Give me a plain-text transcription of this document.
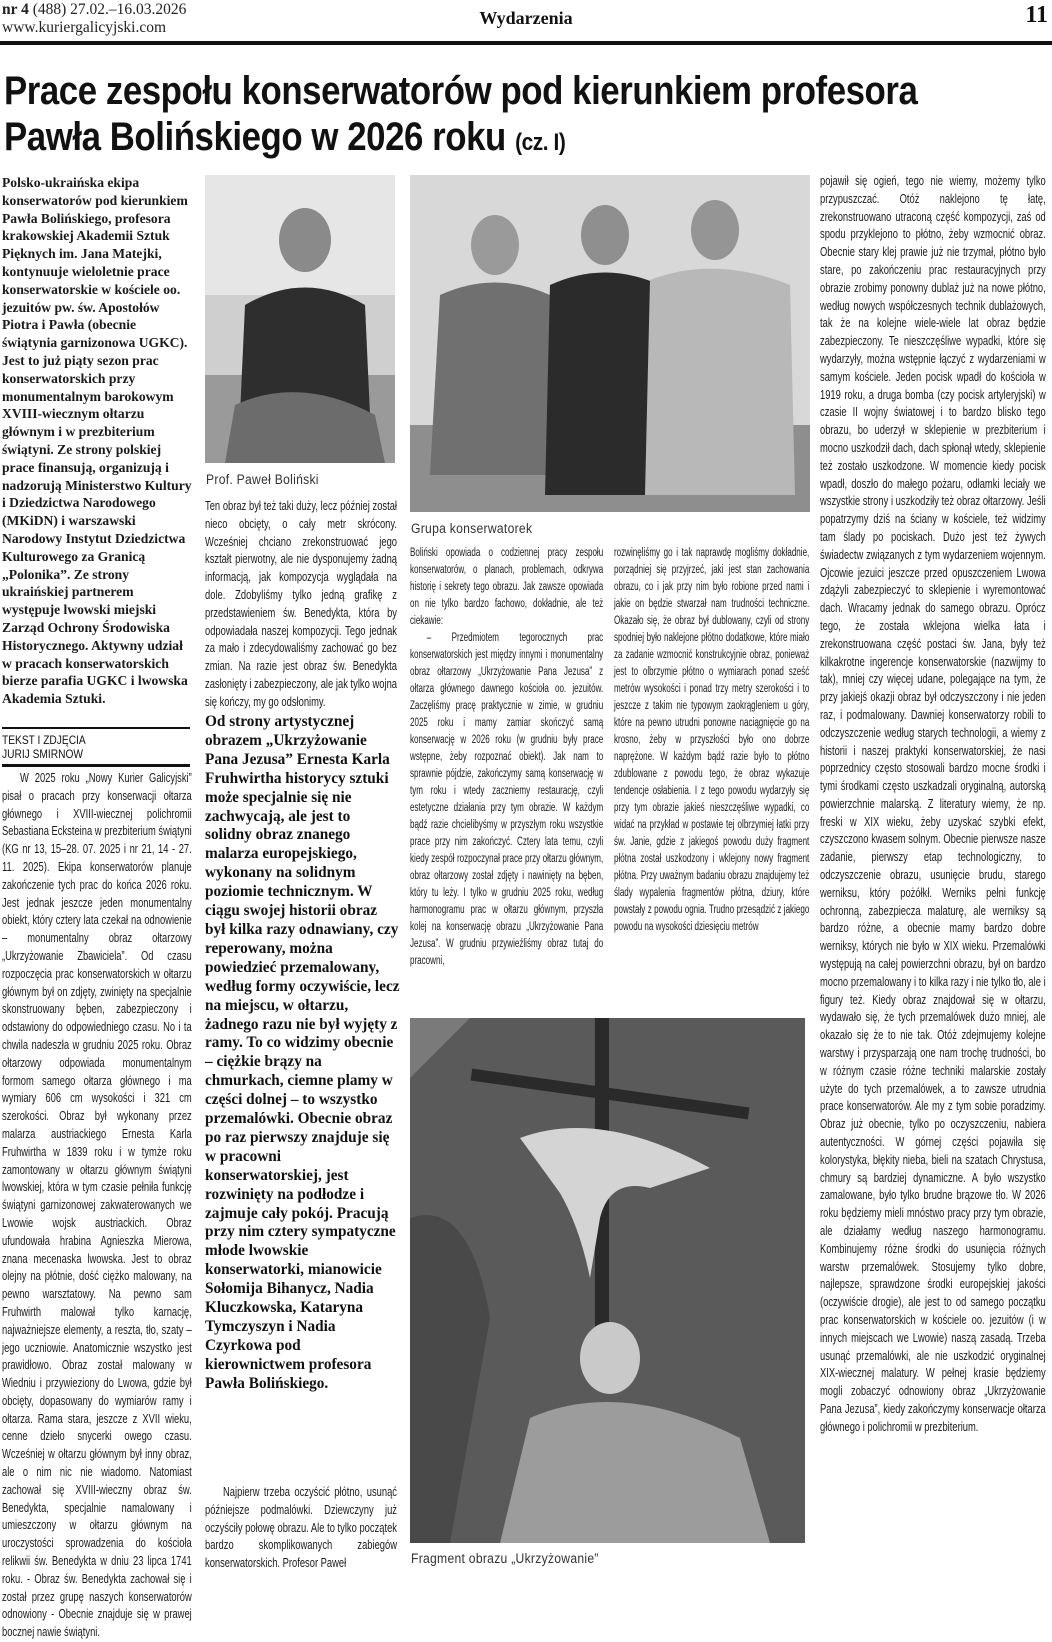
nr 4 (488) 27.02.–16.03.2026
www.kuriergalicyjski.com	Wydarzenia	11
Prace zespołu konserwatorów pod kierunkiem profesora
Pawła Bolińskiego w 2026 roku (cz. I)
Polsko-ukraińska ekipa konserwatorów pod kierunkiem Pawła Bolińskiego, profesora krakowskiej Akademii Sztuk Pięknych im. Jana Matejki, kontynuuje wieloletnie prace konserwatorskie w kościele oo. jezuitów pw. św. Apostołów Piotra i Pawła (obecnie świątynia garnizonowa UGKC). Jest to już piąty sezon prac konserwatorskich przy monumentalnym barokowym XVIII-wiecznym ołtarzu głównym i w prezbiterium świątyni. Ze strony polskiej prace finansują, organizują i nadzorują Ministerstwo Kultury i Dziedzictwa Narodowego (MKiDN) i warszawski Narodowy Instytut Dziedzictwa Kulturowego za Granicą „Polonika”. Ze strony ukraińskiej partnerem występuje lwowski miejski Zarząd Ochrony Środowiska Historycznego. Aktywny udział w pracach konserwatorskich bierze parafia UGKC i lwowska Akademia Sztuki.
TEKST I ZDJĘCIA
JURIJ SMIRNOW

W 2025 roku „Nowy Kurier Galicyjski” pisał o pracach przy konserwacji ołtarza głównego i XVIII-wiecznej polichromii Sebastiana Ecksteina w prezbiterium świątyni (KG nr 13, 15–28. 07. 2025 i nr 21, 14 - 27. 11. 2025). Ekipa konserwatorów planuje zakończenie tych prac do końca 2026 roku. Jest jednak jeszcze jeden monumentalny obiekt, który cztery lata czekał na odnowienie – monumentalny obraz ołtarzowy „Ukrzyżowanie Zbawiciela”. Od czasu rozpoczęcia prac konserwatorskich w ołtarzu głównym był on zdjęty, zwinięty na specjalnie skonstruowany bęben, zabezpieczony i odstawiony do odpowiedniego czasu. No i ta chwila nadeszła w grudniu 2025 roku. Obraz ołtarzowy odpowiada monumentalnym formom samego ołtarza głównego i ma wymiary 606 cm wysokości i 321 cm szerokości. Obraz był wykonany przez malarza austriackiego Ernesta Karla Fruhwirtha w 1839 roku i w tymże roku zamontowany w ołtarzu głównym świątyni lwowskiej, która w tym czasie pełniła funkcję świątyni garnizonowej zakwaterowanych we Lwowie wojsk austriackich. Obraz ufundowała hrabina Agnieszka Mierowa, znana mecenaska lwowska. Jest to obraz olejny na płótnie, dość ciężko malowany, na pewno warsztatowy. Na pewno sam Fruhwirth malował tylko karnację, najważniejsze elementy, a reszta, tło, szaty – jego uczniowie. Anatomicznie wszystko jest prawidłowo. Obraz został malowany w Wiedniu i przywieziony do Lwowa, gdzie był obcięty, dopasowany do wymiarów ramy i ołtarza. Rama stara, jeszcze z XVII wieku, cenne dzieło snycerki owego czasu. Wcześniej w ołtarzu głównym był inny obraz, ale o nim nic nie wiadomo. Natomiast zachował się XVIII-wieczny obraz św. Benedykta, specjalnie namalowany i umieszczony w ołtarzu głównym na uroczystości sprowadzenia do kościoła relikwii św. Benedykta w dniu 23 lipca 1741 roku. - Obraz św. Benedykta zachował się i został przez grupę naszych konserwatorów odnowiony - Obecnie znajduje się w prawej bocznej nawie świątyni.

Prof. Paweł Boliński

Ten obraz był też taki duży, lecz później został nieco obcięty, o cały metr skrócony. Wcześniej chciano zrekonstruować jego kształt pierwotny, ale nie dysponujemy żadną informacją, jak kompozycja wyglądała na dole. Zdobyliśmy tylko jedną grafikę z przedstawieniem św. Benedykta, która by odpowiadała naszej kompozycji. Tego jednak za mało i zdecydowaliśmy zachować go bez zmian. Na razie jest obraz św. Benedykta zasłonięty i zabezpieczony, ale jak tylko wojna się kończy, my go odsłonimy.

Od strony artystycznej obrazem „Ukrzyżowanie Pana Jezusa” Ernesta Karla Fruhwirtha historycy sztuki może specjalnie się nie zachwycają, ale jest to solidny obraz znanego malarza europejskiego, wykonany na solidnym poziomie technicznym. W ciągu swojej historii obraz był kilka razy odnawiany, czy reperowany, można powiedzieć przemalowany, według formy oczywiście, lecz na miejscu, w ołtarzu, żadnego razu nie był wyjęty z ramy. To co widzimy obecnie – ciężkie brązy na chmurkach, ciemne plamy w części dolnej – to wszystko przemalówki. Obecnie obraz po raz pierwszy znajduje się w pracowni konserwatorskiej, jest rozwinięty na podłodze i zajmuje cały pokój. Pracują przy nim cztery sympatyczne młode lwowskie konserwatorki, mianowicie Sołomija Bihanycz, Nadia Kluczkowska, Kataryna Tymczyszyn i Nadia Czyrkowa pod kierownictwem profesora Pawła Bolińskiego.

Najpierw trzeba oczyścić płótno, usunąć późniejsze podmalówki. Dziewczyny już oczyściły połowę obrazu. Ale to tylko początek bardzo skomplikowanych zabiegów konserwatorskich. Profesor Paweł

Grupa konserwatorek

Boliński opowiada o codziennej pracy zespołu konserwatorów, o planach, problemach, odkrywa historię i sekrety tego obrazu. Jak zawsze opowiada on nie tylko bardzo fachowo, dokładnie, ale też ciekawie:

– Przedmiotem tegorocznych prac konserwatorskich jest między innymi i monumentalny obraz ołtarzowy „Ukrzyżowanie Pana Jezusa” z ołtarza głównego dawnego kościoła oo. jezuitów. Zaczęliśmy pracę praktycznie w zimie, w grudniu 2025 roku i mamy zamiar skończyć samą konserwację w 2026 roku (w grudniu były prace wstępne, żeby rozpoznać obiekt). Jak nam to sprawnie pójdzie, zakończymy samą konserwację w tym roku i wtedy zaczniemy restaurację, czyli estetyczne działania przy tym obrazie. W każdym bądź razie chcielibyśmy w przyszłym roku wszystkie prace przy nim zakończyć. Cztery lata temu, czyli kiedy zespół rozpoczynał prace przy ołtarzu głównym, obraz ołtarzowy został zdjęty i nawinięty na bęben, który tu leży. I tylko w grudniu 2025 roku, według harmonogramu prac w ołtarzu głównym, przyszła kolej na konserwację obrazu „Ukrzyżowanie Pana Jezusa”. W grudniu przywieźliśmy obraz tutaj do pracowni,

rozwinęliśmy go i tak naprawdę mogliśmy dokładnie, porządniej się przyjrzeć, jaki jest stan zachowania obrazu, co i jak przy nim było robione przed nami i jakie on będzie stwarzał nam trudności techniczne. Okazało się, że obraz był dublowany, czyli od strony spodniej było naklejone płótno dodatkowe, które miało za zadanie wzmocnić konstrukcyjnie obraz, ponieważ jest to olbrzymie płótno o wymiarach ponad sześć metrów wysokości i ponad trzy metry szerokości i to jeszcze z takim nie typowym zaokrągleniem u góry, które na pewno utrudni ponowne naciągnięcie go na krosno, żeby w przyszłości było ono dobrze naprężone. W każdym bądź razie było to płótno zdublowane z powodu tego, że obraz wykazuje tendencje osłabienia. I z tego powodu wydarzyły się przy tym obrazie jakieś nieszczęśliwe wypadki, co widać na przykład w postawie tej olbrzymiej łatki przy św. Janie, gdzie z jakiegoś powodu duży fragment płótna został uszkodzony i wklejony nowy fragment płótna. Przy uważnym badaniu obrazu znajdujemy też ślady wypalenia fragmentów płótna, dziury, które powstały z powodu ognia. Trudno przesądzić z jakiego powodu na wysokości dziesięciu metrów

Fragment obrazu „Ukrzyżowanie”

pojawił się ogień, tego nie wiemy, możemy tylko przypuszczać. Otóż naklejono tę łatę, zrekonstruowano utraconą część kompozycji, zaś od spodu przyklejono to płótno, żeby wzmocnić obraz. Obecnie stary klej prawie już nie trzymał, płótno było stare, po zakończeniu prac restauracyjnych przy obrazie zrobimy ponowny dublaż już na nowe płótno, według nowych współczesnych technik dublażowych, tak że na kolejne wiele-wiele lat obraz będzie zabezpieczony. Te nieszczęśliwe wypadki, które się wydarzyły, można wstępnie łączyć z wydarzeniami w samym kościele. Jeden pocisk wpadł do kościoła w 1919 roku, a druga bomba (czy pocisk artyleryjski) w czasie II wojny światowej i to bardzo blisko tego obrazu, bo uderzył w sklepienie w prezbiterium i mocno uszkodził dach, dach spłonął wtedy, sklepienie też zostało uszkodzone. W momencie kiedy pocisk wpadł, doszło do małego pożaru, odłamki leciały we wszystkie strony i uszkodziły też obraz ołtarzowy. Jeśli popatrzymy dziś na ściany w kościele, też widzimy tam ślady po pociskach. Dużo jest też żywych świadectw związanych z tym wydarzeniem wojennym. Ojcowie jezuici jeszcze przed opuszczeniem Lwowa zdążyli zabezpieczyć to sklepienie i wyremontować dach. Wracamy jednak do samego obrazu. Oprócz tego, że została wklejona wielka łata i zrekonstruowana część postaci św. Jana, były też kilkakrotne ingerencje konserwatorskie (nazwijmy to tak), mniej czy więcej udane, polegające na tym, że przy jakiejś okazji obraz był odczyszczony i nie jeden raz, i podmalowany. Dawniej konserwatorzy robili to odczyszczenie według starych technologii, a wiemy z historii i naszej praktyki konserwatorskiej, że nasi poprzednicy często stosowali bardzo mocne środki i tymi środkami często uszkadzali oryginalną, autorską powierzchnie malarską. Z literatury wiemy, że np. freski w XIX wieku, żeby uzyskać szybki efekt, czyszczono kwasem solnym. Obecnie pierwsze nasze zadanie, pierwszy etap technologiczny, to odczyszczenie obrazu, usunięcie brudu, starego werniksu, który pożółkł. Werniks pełni funkcję ochronną, zabezpiecza malaturę, ale werniksy są bardzo różne, a obecnie mamy bardzo dobre werniksy, których nie było w XIX wieku. Przemalówki występują na całej powierzchni obrazu, był on bardzo mocno przemalowany i to kilka razy i nie tylko tło, ale i figury też. Kiedy obraz znajdował się w ołtarzu, wydawało się, że tych przemalówek dużo mniej, ale okazało się że to nie tak. Otóż zdejmujemy kolejne warstwy i przysparzają one nam trochę trudności, bo w różnym czasie różne techniki malarskie zostały użyte do tych przemalówek, a to zawsze utrudnia prace konserwatorów. Ale my z tym sobie poradzimy. Obraz już obecnie, tylko po oczyszczeniu, nabiera autentyczności. W górnej części pojawiła się kolorystyka, błękity nieba, bieli na szatach Chrystusa, chmury są bardziej dynamiczne. A było wszystko zamalowane, było tylko brudne brązowe tło. W 2026 roku będziemy mieli mnóstwo pracy przy tym obrazie, ale działamy według naszego harmonogramu. Kombinujemy różne środki do usunięcia różnych warstw przemalówek. Stosujemy tylko dobre, najlepsze, sprawdzone środki europejskiej jakości (oczywiście drogie), ale jest to od samego początku prac konserwatorskich w kościele oo. jezuitów (i w innych miejscach we Lwowie) naszą zasadą. Trzeba usunąć przemalówki, ale nie uszkodzić oryginalnej XIX-wiecznej malatury. W pełnej krasie będziemy mogli zobaczyć odnowiony obraz „Ukrzyżowanie Pana Jezusa”, kiedy zakończymy konserwacje ołtarza głównego i polichromii w prezbiterium.
